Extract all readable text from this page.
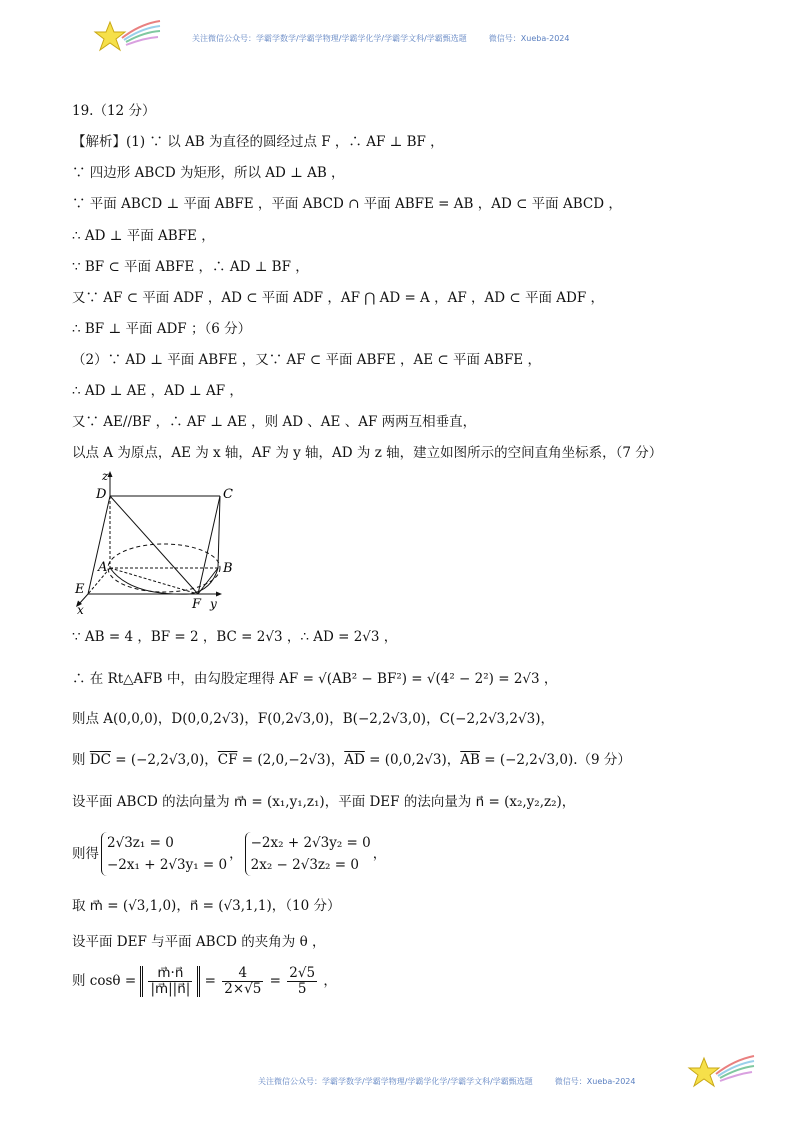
关注微信公众号：学霸学数学/学霸学物理/学霸学化学/学霸学文科/学霸甄选题	微信号：Xueba-2024
19.（12 分）
【解析】(1) ∵ 以 AB 为直径的圆经过点 F ，∴ AF ⊥ BF ，
∵ 四边形 ABCD 为矩形，所以 AD ⊥ AB ，
∵ 平面 ABCD ⊥ 平面 ABFE ，平面 ABCD ∩ 平面 ABFE = AB ，AD ⊂ 平面 ABCD ，
∴ AD ⊥ 平面 ABFE ，
∵ BF ⊂ 平面 ABFE ，∴ AD ⊥ BF ，
又∵ AF ⊂ 平面 ADF ，AD ⊂ 平面 ADF ，AF ⋂ AD = A ，AF ，AD ⊂ 平面 ADF ，
∴ BF ⊥ 平面 ADF ；（6 分）
（2）∵ AD ⊥ 平面 ABFE ，又∵ AF ⊂ 平面 ABFE ，AE ⊂ 平面 ABFE ，
∴ AD ⊥ AE ，AD ⊥ AF ，
又∵ AE//BF ，∴ AF ⊥ AE ，则 AD 、AE 、AF 两两互相垂直，
以点 A 为原点，AE 为 x 轴，AF 为 y 轴，AD 为 z 轴，建立如图所示的空间直角坐标系，（7 分）
z
D	C
A	B
E
F y
x
∵ AB = 4 ，BF = 2 ，BC = 2√3 ，∴ AD = 2√3 ，
∴ 在 Rt△AFB 中，由勾股定理得 AF = √(AB² − BF²) = √(4² − 2²) = 2√3 ，
则点 A(0,0,0)，D(0,0,2√3)，F(0,2√3,0)，B(−2,2√3,0)，C(−2,2√3,2√3)，
则 $\overline{DC} = (-2,2√3,0)$，$\overline{CF} = (2,0,-2√3)$，$\overline{AD} = (0,0,2√3)$，$\overline{AB} = (-2,2√3,0).(9$ 分）
设平面 ABCD 的法向量为 m⃗ = (x₁,y₁,z₁)，平面 DEF 的法向量为 n⃗ = (x₂,y₂,z₂)，
则得
2√3z₁ = 0
−2x₁ + 2√3y₁ = 0
，
−2x₂ + 2√3y₂ = 0
2x₂ − 2√3z₂ = 0
，
取 m⃗ = (√3,1,0)，n⃗ = (√3,1,1)，（10 分）
设平面 DEF 与平面 ABCD 的夹角为 θ ，
则 $\cos\theta = \frac{m⃗\cdot n⃗}{|m⃗||n⃗|} = \frac{4}{2\times√5} = \frac{2√5}{5}$ ，
关注微信公众号：学霸学数学/学霸学物理/学霸学化学/学霸学文科/学霸甄选题	微信号：Xueba-2024
